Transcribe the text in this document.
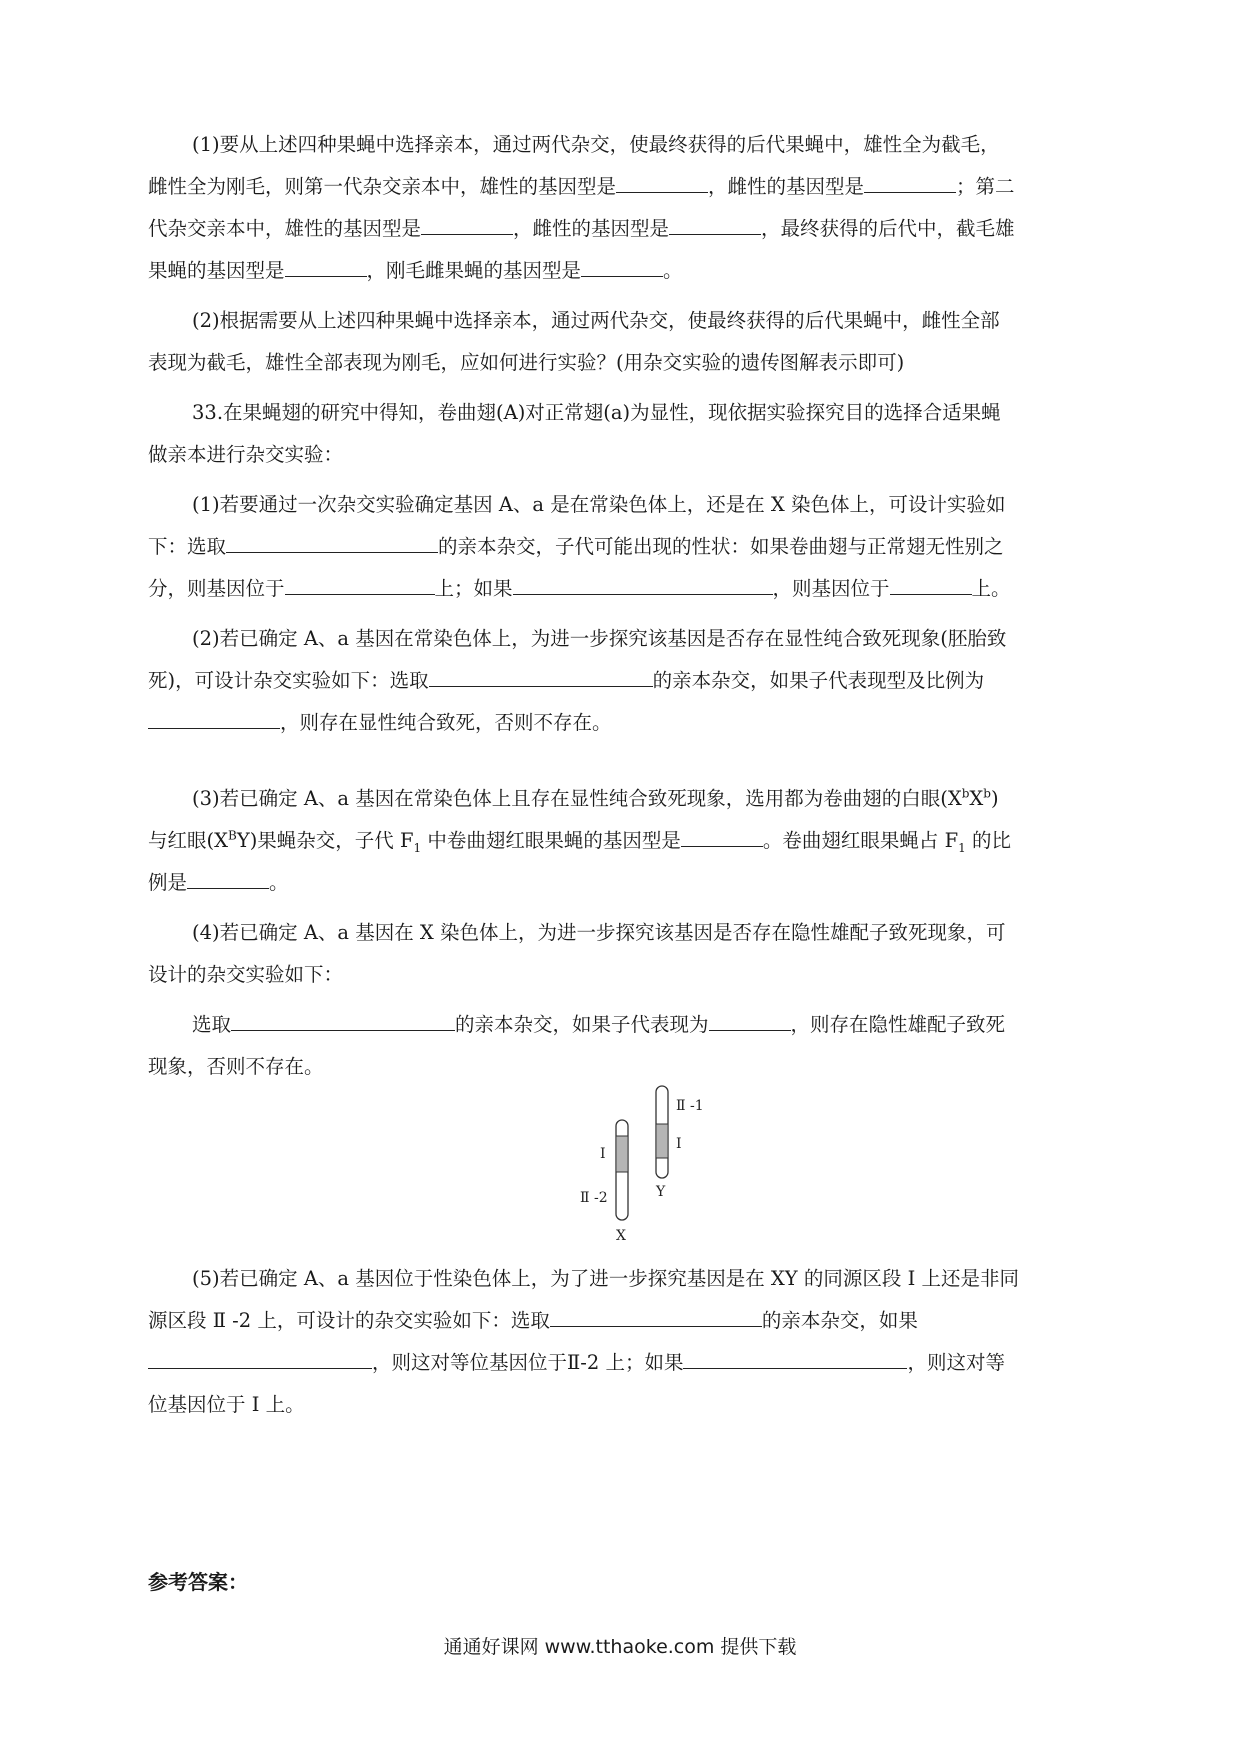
(1)要从上述四种果蝇中选择亲本，通过两代杂交，使最终获得的后代果蝇中，雄性全为截毛，

雌性全为刚毛，则第一代杂交亲本中，雄性的基因型是	，雌性的基因型是	；第二

代杂交亲本中，雄性的基因型是	，雌性的基因型是	，最终获得的后代中，截毛雄

果蝇的基因型是	，刚毛雌果蝇的基因型是	。

(2)根据需要从上述四种果蝇中选择亲本，通过两代杂交，使最终获得的后代果蝇中，雌性全部

表现为截毛，雄性全部表现为刚毛，应如何进行实验？(用杂交实验的遗传图解表示即可)

33.在果蝇翅的研究中得知，卷曲翅(A)对正常翅(a)为显性，现依据实验探究目的选择合适果蝇

做亲本进行杂交实验：

(1)若要通过一次杂交实验确定基因 A、a 是在常染色体上，还是在 X 染色体上，可设计实验如

下：选取	的亲本杂交，子代可能出现的性状：如果卷曲翅与正常翅无性别之

分，则基因位于	上；如果	，则基因位于	上。

(2)若已确定 A、a 基因在常染色体上，为进一步探究该基因是否存在显性纯合致死现象(胚胎致

死)，可设计杂交实验如下：选取	的亲本杂交，如果子代表现型及比例为

，则存在显性纯合致死，否则不存在。

(3)若已确定 A、a 基因在常染色体上且存在显性纯合致死现象，选用都为卷曲翅的白眼$(X^bX^b)$

与红眼$(X^BY)$果蝇杂交，子代 $F_1$ 中卷曲翅红眼果蝇的基因型是	。卷曲翅红眼果蝇占 $F_1$ 的比

例是	。

(4)若已确定 A、a 基因在 X 染色体上，为进一步探究该基因是否存在隐性雄配子致死现象，可

设计的杂交实验如下：

选取	的亲本杂交，如果子代表现为	，则存在隐性雄配子致死

现象，否则不存在。

Ⅱ -1
Ⅰ
Y
Ⅰ
Ⅱ -2
X

(5)若已确定 A、a 基因位于性染色体上，为了进一步探究基因是在 XY 的同源区段 I 上还是非同

源区段 Ⅱ -2 上，可设计的杂交实验如下：选取	的亲本杂交，如果

，则这对等位基因位于Ⅱ-2 上；如果	，则这对等

位基因位于 I 上。

参考答案：
通通好课网 www.tthaoke.com 提供下载
